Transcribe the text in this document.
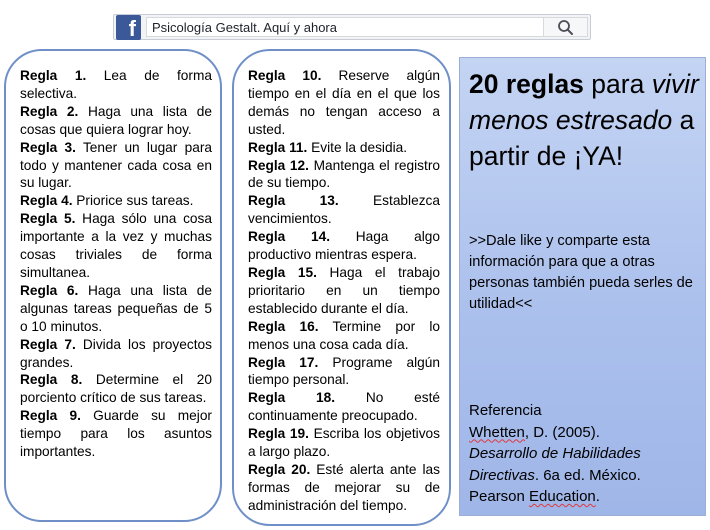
f	Psicología Gestalt. Aquí y ahora
Regla 1. Lea de forma selectiva.
Regla 2. Haga una lista de cosas que quiera lograr hoy.
Regla 3. Tener un lugar para todo y mantener cada cosa en su lugar.
Regla 4. Priorice sus tareas.
Regla 5. Haga sólo una cosa importante a la vez y muchas cosas triviales de forma simultanea.
Regla 6. Haga una lista de algunas tareas pequeñas de 5 o 10 minutos.
Regla 7. Divida los proyectos grandes.
Regla 8. Determine el 20 porciento crítico de sus tareas.
Regla 9. Guarde su mejor tiempo para los asuntos importantes.
Regla 10. Reserve algún tiempo en el día en el que los demás no tengan acceso a usted.
Regla 11. Evite la desidia.
Regla 12. Mantenga el registro de su tiempo.
Regla 13. Establezca vencimientos.
Regla 14. Haga algo productivo mientras espera.
Regla 15. Haga el trabajo prioritario en un tiempo establecido durante el día.
Regla 16. Termine por lo menos una cosa cada día.
Regla 17. Programe algún tiempo personal.
Regla 18. No esté continuamente preocupado.
Regla 19. Escriba los objetivos a largo plazo.
Regla 20. Esté alerta ante las formas de mejorar su de administración del tiempo.
20 reglas para vivir menos estresado a partir de ¡YA!
>>Dale like y comparte esta información para que a otras personas también pueda serles de utilidad<<
Referencia
Whetten, D. (2005).
Desarrollo de Habilidades Directivas. 6a ed. México.
Pearson Education.
